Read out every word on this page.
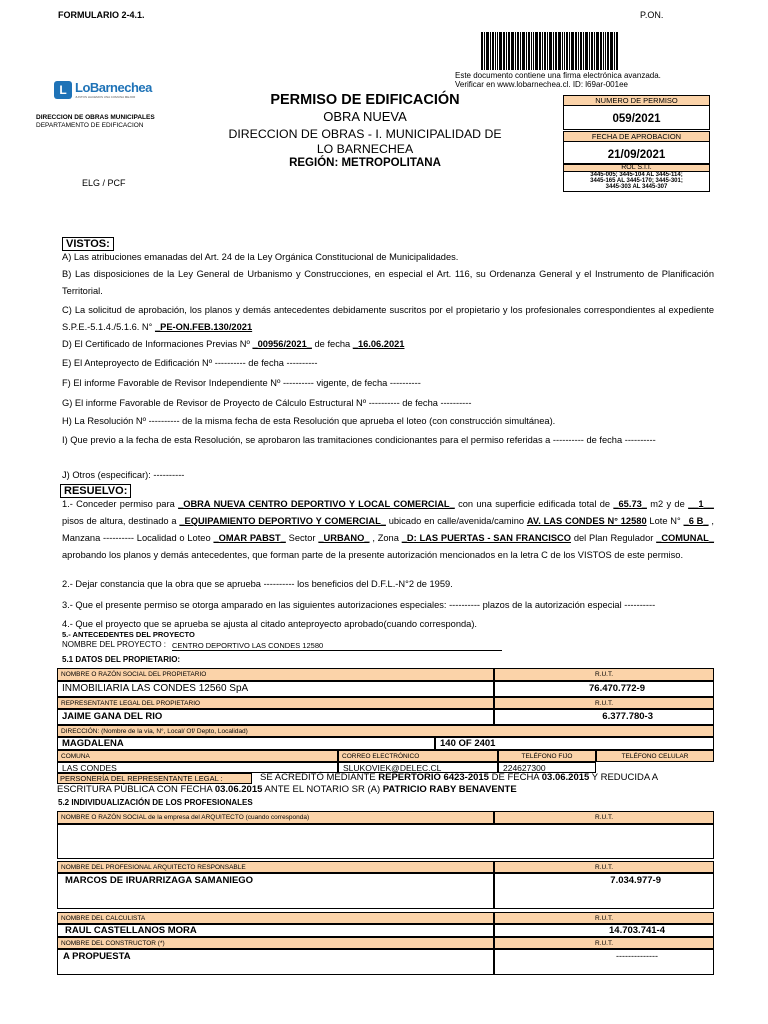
FORMULARIO 2-4.1.	P.ON.
Este documento contiene una firma electrónica avanzada.
Verificar en www.lobarnechea.cl. ID: l69ar-001ee
L LoBarnechea
JUNTOS HACEMOS UNA COMUNA MEJOR
DIRECCION DE OBRAS MUNICIPALES
DEPARTAMENTO DE EDIFICACION
ELG / PCF
PERMISO DE EDIFICACIÓN
OBRA NUEVA
DIRECCION DE OBRAS - I. MUNICIPALIDAD DE
LO BARNECHEA
REGIÓN: METROPOLITANA
NUMERO DE PERMISO
059/2021
FECHA DE APROBACION
21/09/2021
ROL S.I.I.
3445-005; 3445-104 AL 3445-114;
3445-165 AL 3445-170; 3445-301;
3445-303 AL 3445-307
VISTOS:
A) Las atribuciones emanadas del Art. 24 de la Ley Orgánica Constitucional de Municipalidades.
B) Las disposiciones de la Ley General de Urbanismo y Construcciones, en especial el Art. 116, su Ordenanza General y el Instrumento de Planificación Territorial.
C) La solicitud de aprobación, los planos y demás antecedentes debidamente suscritos por el propietario y los profesionales correspondientes al expediente S.P.E.-5.1.4./5.1.6. N° _PE-ON.FEB.130/2021
D) El Certificado de Informaciones Previas Nº _00956/2021_ de fecha _16.06.2021
E) El Anteproyecto de Edificación Nº ---------- de fecha ----------
F) El informe Favorable de Revisor Independiente Nº ---------- vigente, de fecha ----------
G) El informe Favorable de Revisor de Proyecto de Cálculo Estructural Nº ---------- de fecha ----------
H) La Resolución Nº ---------- de la misma fecha de esta Resolución que aprueba el loteo (con construcción simultánea).
I) Que previo a la fecha de esta Resolución, se aprobaron las tramitaciones condicionantes para el permiso referidas a ---------- de fecha ----------
J) Otros (especificar): ----------
RESUELVO:
1.- Conceder permiso para _OBRA NUEVA CENTRO DEPORTIVO Y LOCAL COMERCIAL_ con una superficie edificada total de _65.73_ m2 y de __1__ pisos de altura, destinado a _EQUIPAMIENTO DEPORTIVO Y COMERCIAL_ ubicado en calle/avenida/camino AV. LAS CONDES N° 12580 Lote N° _6 B_ , Manzana ---------- Localidad o Loteo _OMAR PABST_ Sector _URBANO_ , Zona _D: LAS PUERTAS - SAN FRANCISCO del Plan Regulador _COMUNAL_ aprobando los planos y demás antecedentes, que forman parte de la presente autorización mencionados en la letra C de los VISTOS de este permiso.
2.- Dejar constancia que la obra que se aprueba ---------- los beneficios del D.F.L.-N°2 de 1959.
3.- Que el presente permiso se otorga amparado en las siguientes autorizaciones especiales: ---------- plazos de la autorización especial ----------
4.- Que el proyecto que se aprueba se ajusta al citado anteproyecto aprobado(cuando corresponda).
5.- ANTECEDENTES DEL PROYECTO
NOMBRE DEL PROYECTO : CENTRO DEPORTIVO LAS CONDES 12580
5.1 DATOS DEL PROPIETARIO:
NOMBRE O RAZÓN SOCIAL DEL PROPIETARIO	R.U.T.
INMOBILIARIA LAS CONDES 12560 SpA	76.470.772-9
REPRESENTANTE LEGAL DEL PROPIETARIO	R.U.T.
JAIME GANA DEL RIO	6.377.780-3
DIRECCIÓN: (Nombre de la vía, N°, Local/ Of/ Depto, Localidad)
MAGDALENA	140 OF 2401
COMUNA	CORREO ELECTRÓNICO	TELÉFONO FIJO	TELÉFONO CELULAR
LAS CONDES	SLUKOVIEK@DELEC.CL	224627300
PERSONERÍA DEL REPRESENTANTE LEGAL :	SE ACREDITÓ MEDIANTE REPERTORIO 6423-2015 DE FECHA 03.06.2015 Y REDUCIDA A
ESCRITURA PÚBLICA CON FECHA 03.06.2015 ANTE EL NOTARIO SR (A) PATRICIO RABY BENAVENTE
5.2 INDIVIDUALIZACIÓN DE LOS PROFESIONALES
NOMBRE O RAZÓN SOCIAL de la empresa del ARQUITECTO (cuando corresponda)	R.U.T.
NOMBRE DEL PROFESIONAL ARQUITECTO RESPONSABLE	R.U.T.
MARCOS DE IRUARRIZAGA SAMANIEGO	7.034.977-9
NOMBRE DEL CALCULISTA	R.U.T.
RAUL CASTELLANOS MORA	14.703.741-4
NOMBRE DEL CONSTRUCTOR (*)	R.U.T.
A PROPUESTA	--------------
